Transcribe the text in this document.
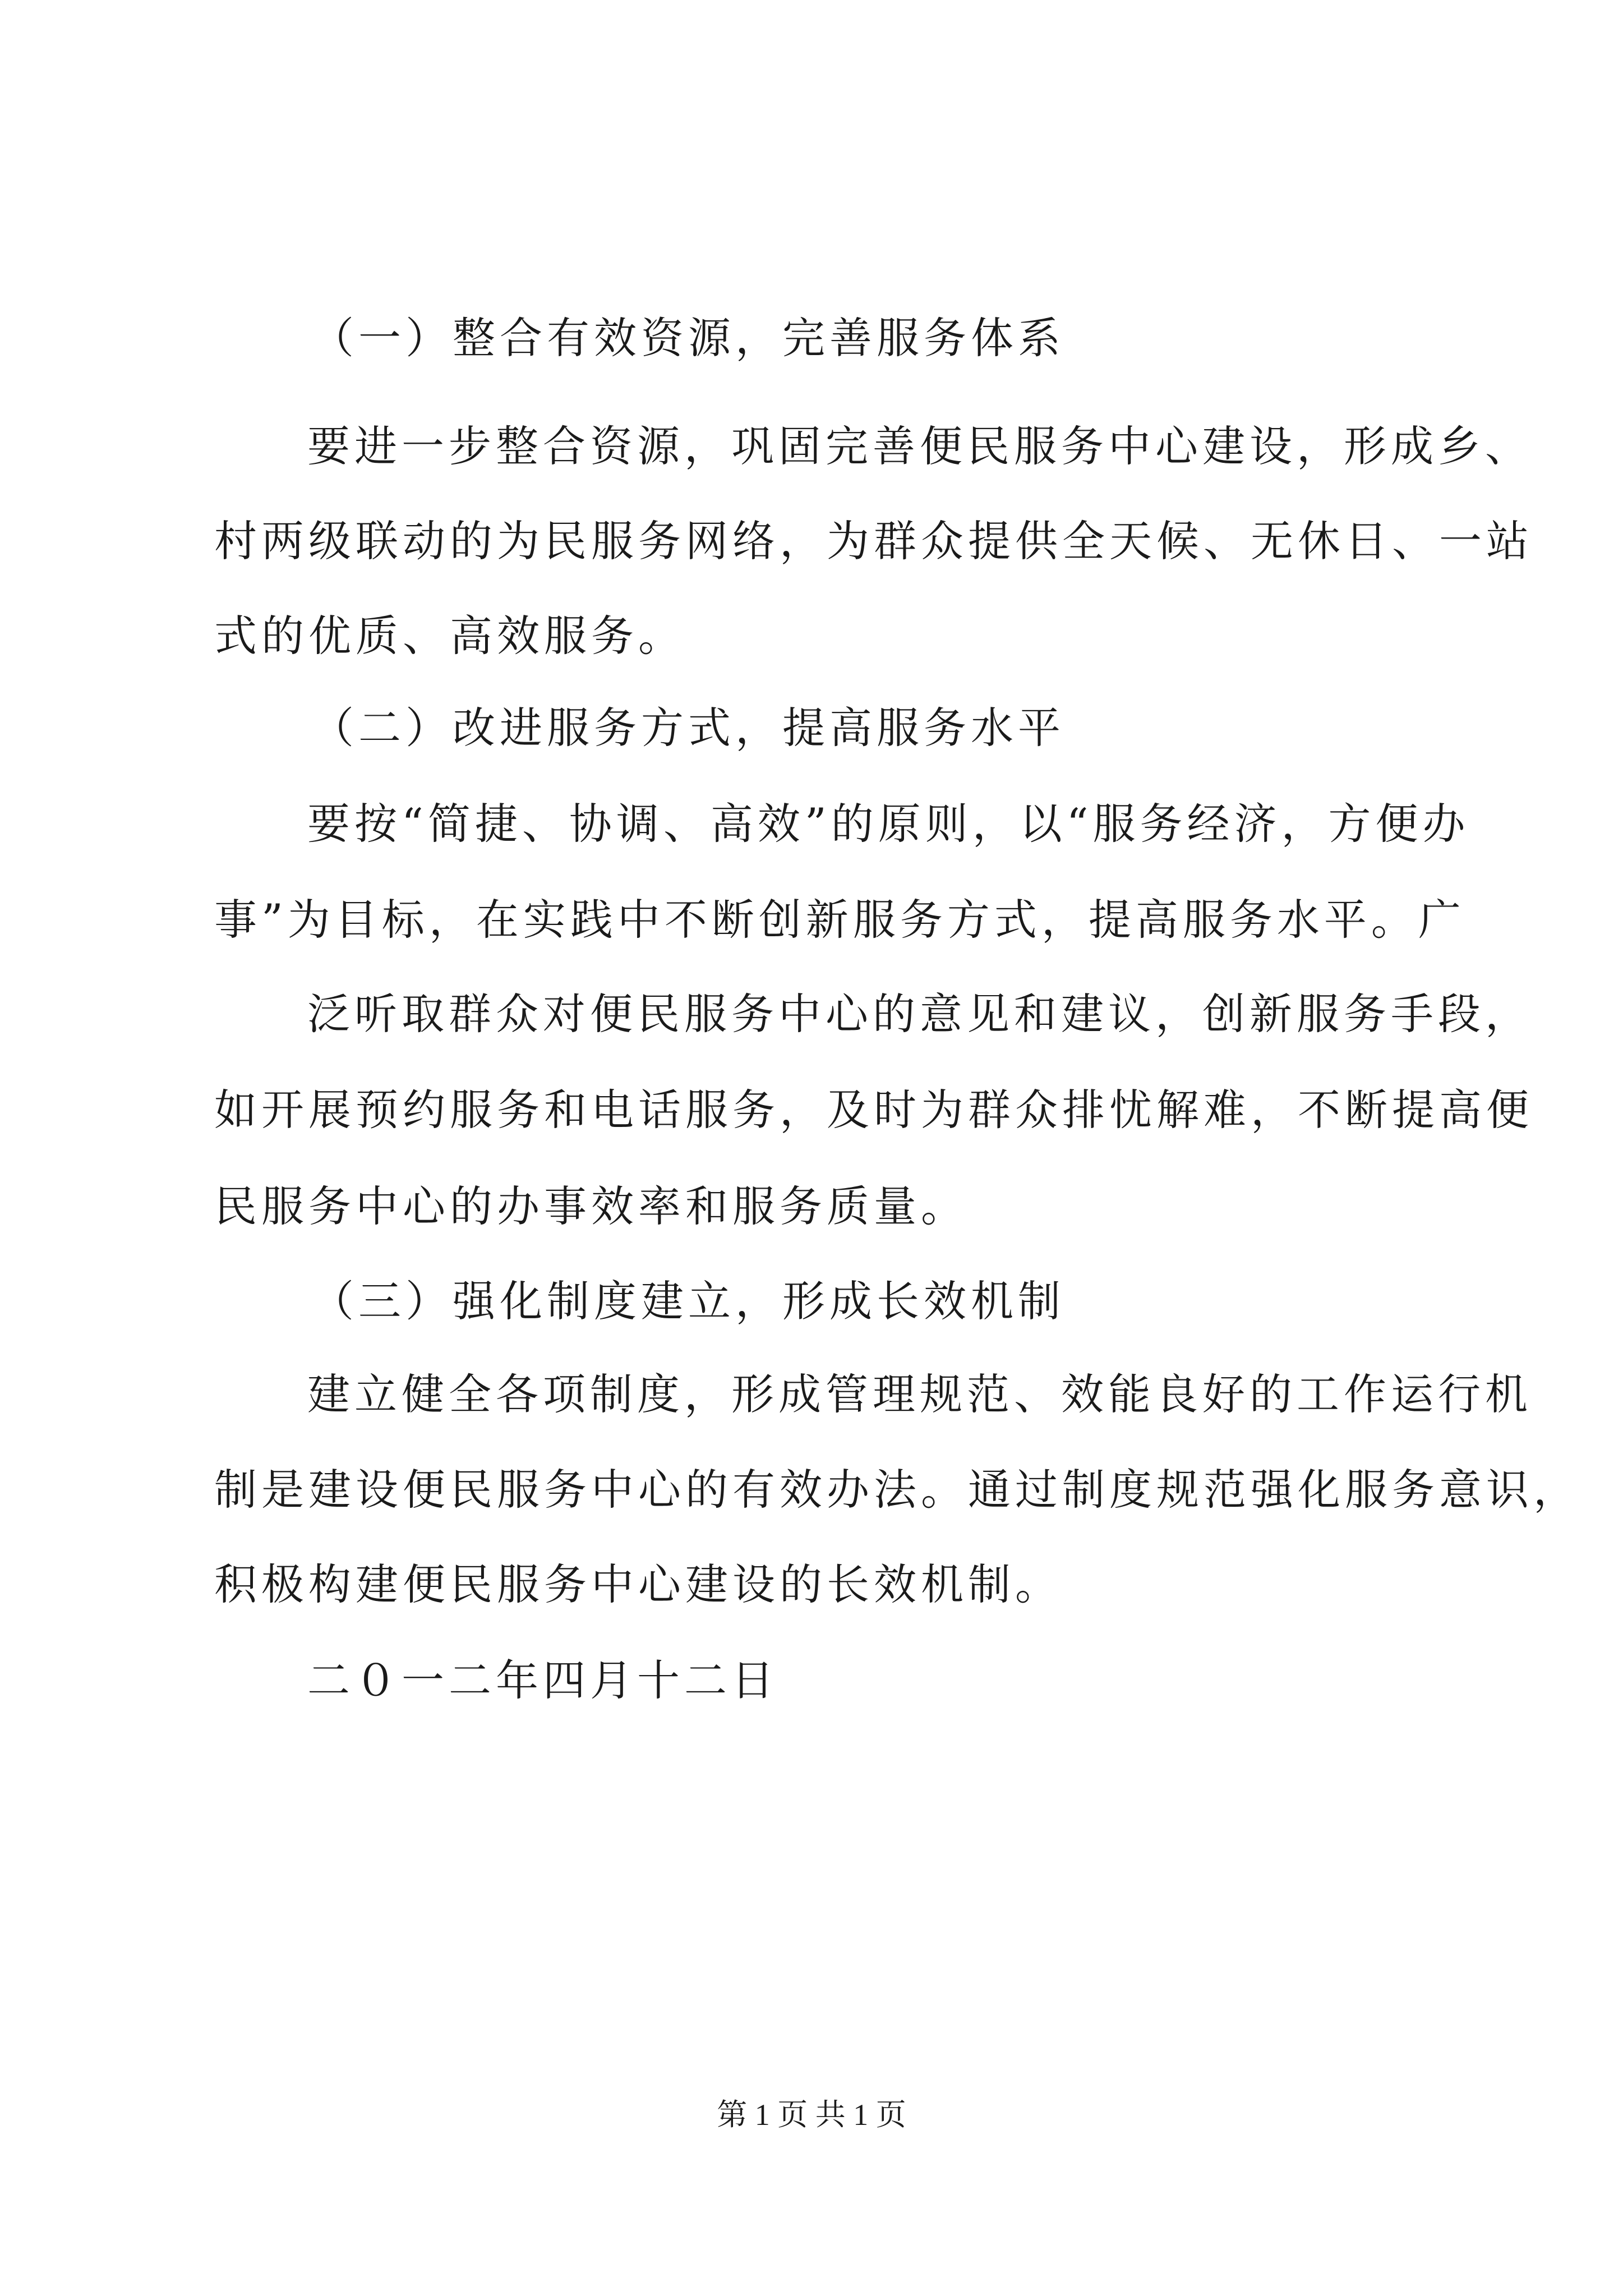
（一）整合有效资源，完善服务体系
要进一步整合资源，巩固完善便民服务中心建设，形成乡、
村两级联动的为民服务网络，为群众提供全天候、无休日、一站
式的优质、高效服务。
（二）改进服务方式，提高服务水平
要按“简捷、协调、高效”的原则，以“服务经济，方便办
事”为目标，在实践中不断创新服务方式，提高服务水平。广
泛听取群众对便民服务中心的意见和建议，创新服务手段，
如开展预约服务和电话服务，及时为群众排忧解难，不断提高便
民服务中心的办事效率和服务质量。
（三）强化制度建立，形成长效机制
建立健全各项制度，形成管理规范、效能良好的工作运行机
制是建设便民服务中心的有效办法。通过制度规范强化服务意识，
积极构建便民服务中心建设的长效机制。
二０一二年四月十二日
第 1 页 共 1 页
